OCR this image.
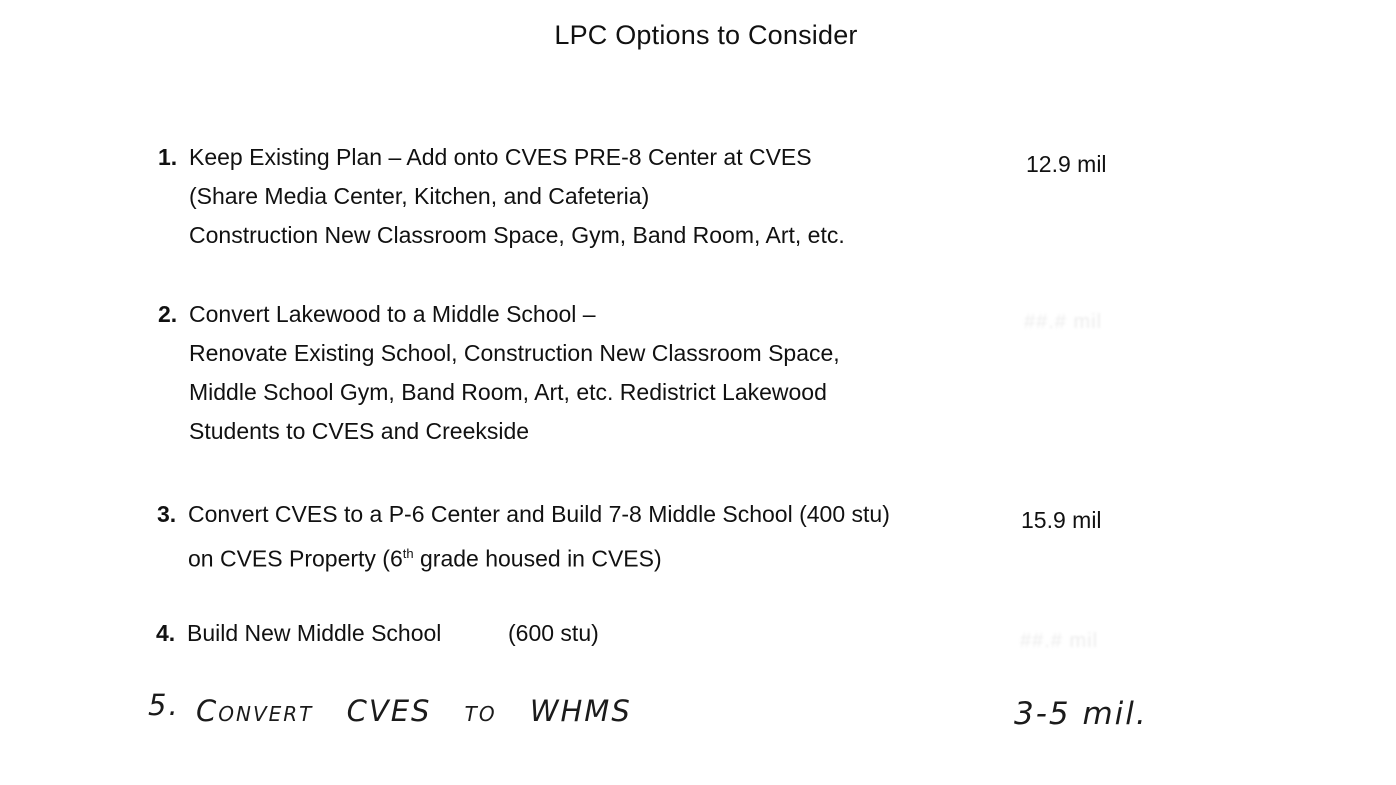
LPC Options to Consider
1. Keep Existing Plan – Add onto CVES PRE-8 Center at CVES
(Share Media Center, Kitchen, and Cafeteria)
Construction New Classroom Space, Gym, Band Room, Art, etc.
12.9 mil
2. Convert Lakewood to a Middle School –
Renovate Existing School, Construction New Classroom Space,
Middle School Gym, Band Room, Art, etc. Redistrict Lakewood
Students to CVES and Creekside
##.# mil
3. Convert CVES to a P-6 Center and Build 7-8 Middle School (400 stu)
on CVES Property (6th grade housed in CVES)
15.9 mil
4. Build New Middle School	(600 stu)	##.# mil
5. Convert CVES to WHMS	3-5 mil.
